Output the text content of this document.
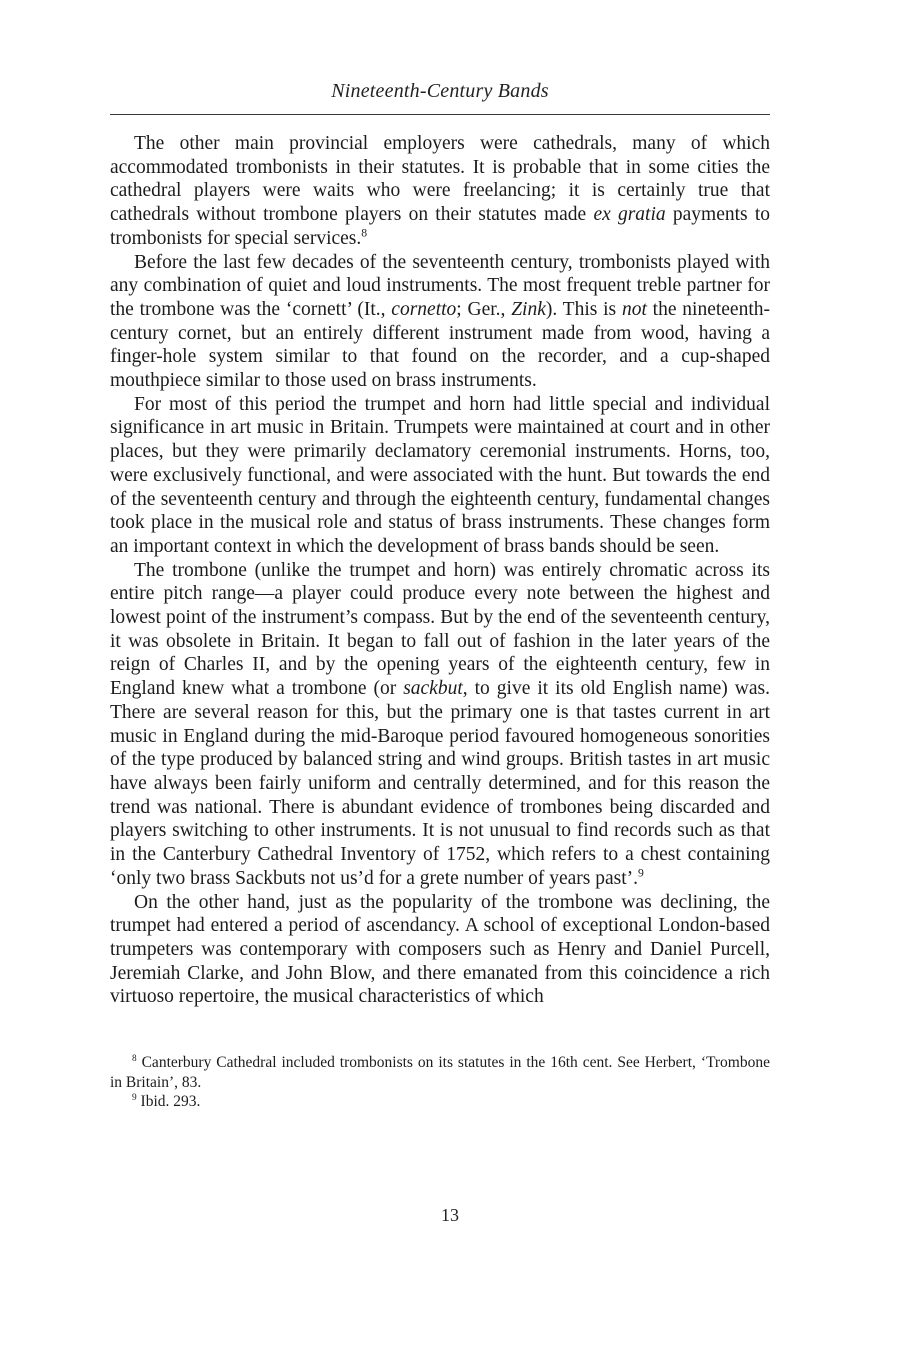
Nineteenth-Century Bands

The other main provincial employers were cathedrals, many of which accommodated trombonists in their statutes. It is probable that in some cities the cathedral players were waits who were freelancing; it is certainly true that cathedrals without trombone players on their statutes made ex gratia payments to trombonists for special services.$^8$

Before the last few decades of the seventeenth century, trombonists played with any combination of quiet and loud instruments. The most frequent treble partner for the trombone was the ‘cornett’ (It., cornetto; Ger., Zink). This is not the nineteenth-century cornet, but an entirely different instrument made from wood, having a finger-hole system similar to that found on the recorder, and a cup-shaped mouthpiece similar to those used on brass instruments.

For most of this period the trumpet and horn had little special and individual significance in art music in Britain. Trumpets were maintained at court and in other places, but they were primarily declamatory ceremonial instruments. Horns, too, were exclusively functional, and were associated with the hunt. But towards the end of the seventeenth century and through the eighteenth century, fundamental changes took place in the musical role and status of brass instruments. These changes form an important context in which the development of brass bands should be seen.

The trombone (unlike the trumpet and horn) was entirely chromatic across its entire pitch range—a player could produce every note between the highest and lowest point of the instrument’s compass. But by the end of the seventeenth century, it was obsolete in Britain. It began to fall out of fashion in the later years of the reign of Charles II, and by the opening years of the eighteenth century, few in England knew what a trombone (or sackbut, to give it its old English name) was. There are several reason for this, but the primary one is that tastes current in art music in England during the mid-Baroque period favoured homogeneous sonorities of the type produced by balanced string and wind groups. British tastes in art music have always been fairly uniform and centrally determined, and for this reason the trend was national. There is abundant evidence of trombones being discarded and players switching to other instruments. It is not unusual to find records such as that in the Canterbury Cathedral Inventory of 1752, which refers to a chest containing ‘only two brass Sackbuts not us’d for a grete number of years past’.$^9$

On the other hand, just as the popularity of the trombone was declining, the trumpet had entered a period of ascendancy. A school of exceptional London-based trumpeters was contemporary with composers such as Henry and Daniel Purcell, Jeremiah Clarke, and John Blow, and there emanated from this coincidence a rich virtuoso repertoire, the musical characteristics of which

$^8$ Canterbury Cathedral included trombonists on its statutes in the 16th cent. See Herbert, ‘Trombone in Britain’, 83.

$^9$ Ibid. 293.

13
